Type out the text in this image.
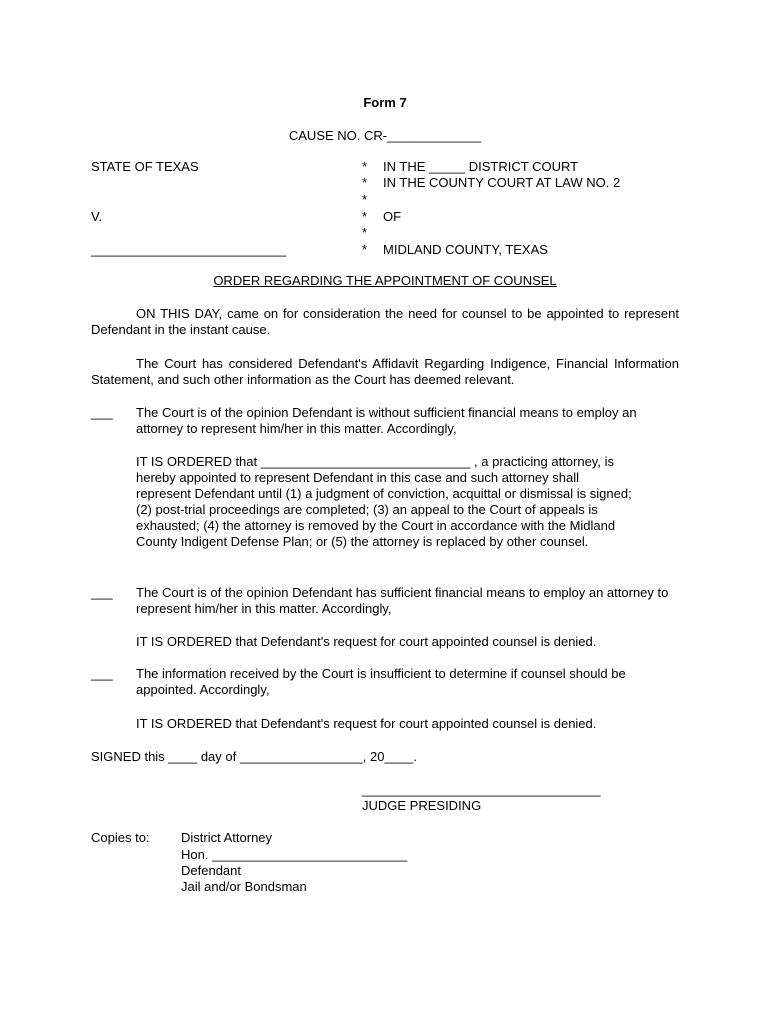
Form 7
CAUSE NO. CR-_____________
STATE OF TEXAS
V.
___________________________
*
*
*
*
*
*
IN THE _____ DISTRICT COURT
IN THE COUNTY COURT AT LAW NO. 2
OF
MIDLAND COUNTY, TEXAS
ORDER REGARDING THE APPOINTMENT OF COUNSEL
ON THIS DAY, came on for consideration the need for counsel to be appointed to represent Defendant in the instant cause.
The Court has considered Defendant's Affidavit Regarding Indigence, Financial Information Statement, and such other information as the Court has deemed relevant.
___ The Court is of the opinion Defendant is without sufficient financial means to employ an attorney to represent him/her in this matter. Accordingly,
IT IS ORDERED that _____________________________ , a practicing attorney, is hereby appointed to represent Defendant in this case and such attorney shall represent Defendant until (1) a judgment of conviction, acquittal or dismissal is signed; (2) post-trial proceedings are completed; (3) an appeal to the Court of appeals is exhausted; (4) the attorney is removed by the Court in accordance with the Midland County Indigent Defense Plan; or (5) the attorney is replaced by other counsel.
___ The Court is of the opinion Defendant has sufficient financial means to employ an attorney to represent him/her in this matter. Accordingly,
IT IS ORDERED that Defendant's request for court appointed counsel is denied.
___ The information received by the Court is insufficient to determine if counsel should be appointed. Accordingly,
IT IS ORDERED that Defendant's request for court appointed counsel is denied.
SIGNED this ____ day of _________________, 20____.
_________________________________
JUDGE PRESIDING
Copies to: District Attorney
Hon. ___________________________
Defendant
Jail and/or Bondsman
